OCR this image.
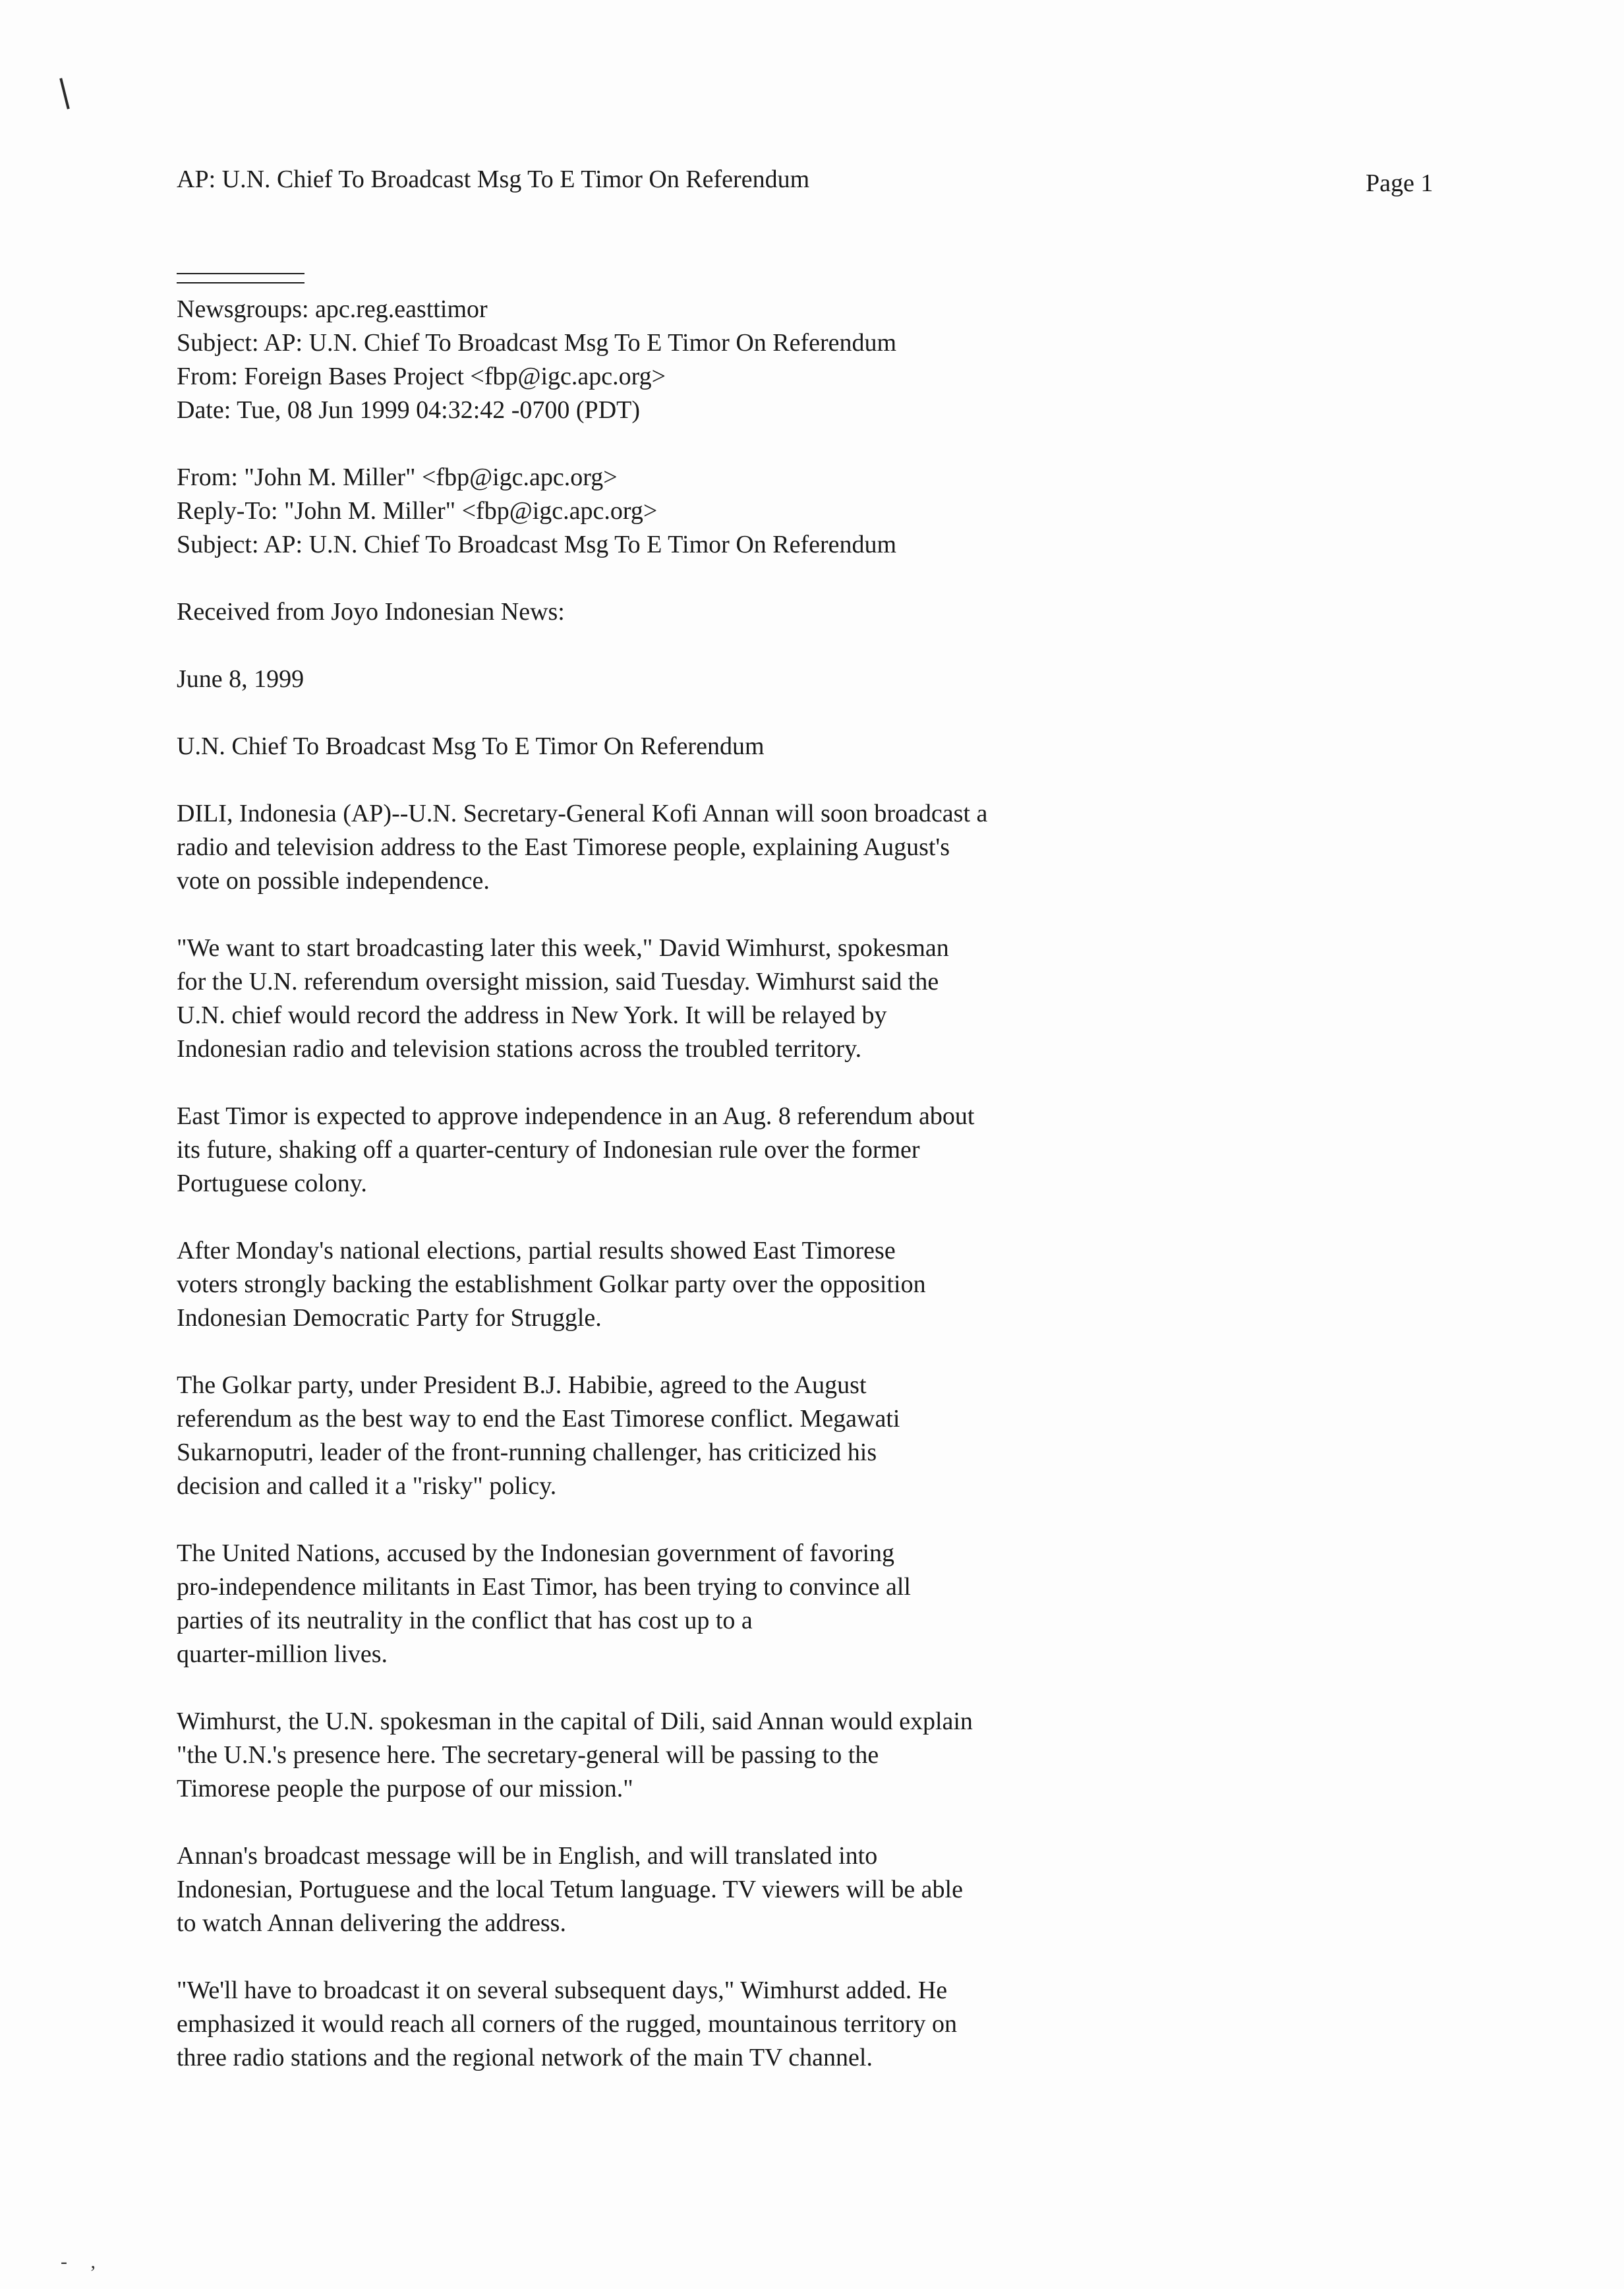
- ,
AP: U.N. Chief To Broadcast Msg To E Timor On Referendum	Page 1
Newsgroups: apc.reg.easttimor
Subject: AP: U.N. Chief To Broadcast Msg To E Timor On Referendum
From: Foreign Bases Project <fbp@igc.apc.org>
Date: Tue, 08 Jun 1999 04:32:42 -0700 (PDT)
From: "John M. Miller" <fbp@igc.apc.org>
Reply-To: "John M. Miller" <fbp@igc.apc.org>
Subject: AP: U.N. Chief To Broadcast Msg To E Timor On Referendum
Received from Joyo Indonesian News:
June 8, 1999
U.N. Chief To Broadcast Msg To E Timor On Referendum
DILI, Indonesia (AP)--U.N. Secretary-General Kofi Annan will soon broadcast a
radio and television address to the East Timorese people, explaining August's
vote on possible independence.
"We want to start broadcasting later this week," David Wimhurst, spokesman
for the U.N. referendum oversight mission, said Tuesday. Wimhurst said the
U.N. chief would record the address in New York. It will be relayed by
Indonesian radio and television stations across the troubled territory.
East Timor is expected to approve independence in an Aug. 8 referendum about
its future, shaking off a quarter-century of Indonesian rule over the former
Portuguese colony.
After Monday's national elections, partial results showed East Timorese
voters strongly backing the establishment Golkar party over the opposition
Indonesian Democratic Party for Struggle.
The Golkar party, under President B.J. Habibie, agreed to the August
referendum as the best way to end the East Timorese conflict. Megawati
Sukarnoputri, leader of the front-running challenger, has criticized his
decision and called it a "risky" policy.
The United Nations, accused by the Indonesian government of favoring
pro-independence militants in East Timor, has been trying to convince all
parties of its neutrality in the conflict that has cost up to a
quarter-million lives.
Wimhurst, the U.N. spokesman in the capital of Dili, said Annan would explain
"the U.N.'s presence here. The secretary-general will be passing to the
Timorese people the purpose of our mission."
Annan's broadcast message will be in English, and will translated into
Indonesian, Portuguese and the local Tetum language. TV viewers will be able
to watch Annan delivering the address.
"We'll have to broadcast it on several subsequent days," Wimhurst added. He
emphasized it would reach all corners of the rugged, mountainous territory on
three radio stations and the regional network of the main TV channel.
